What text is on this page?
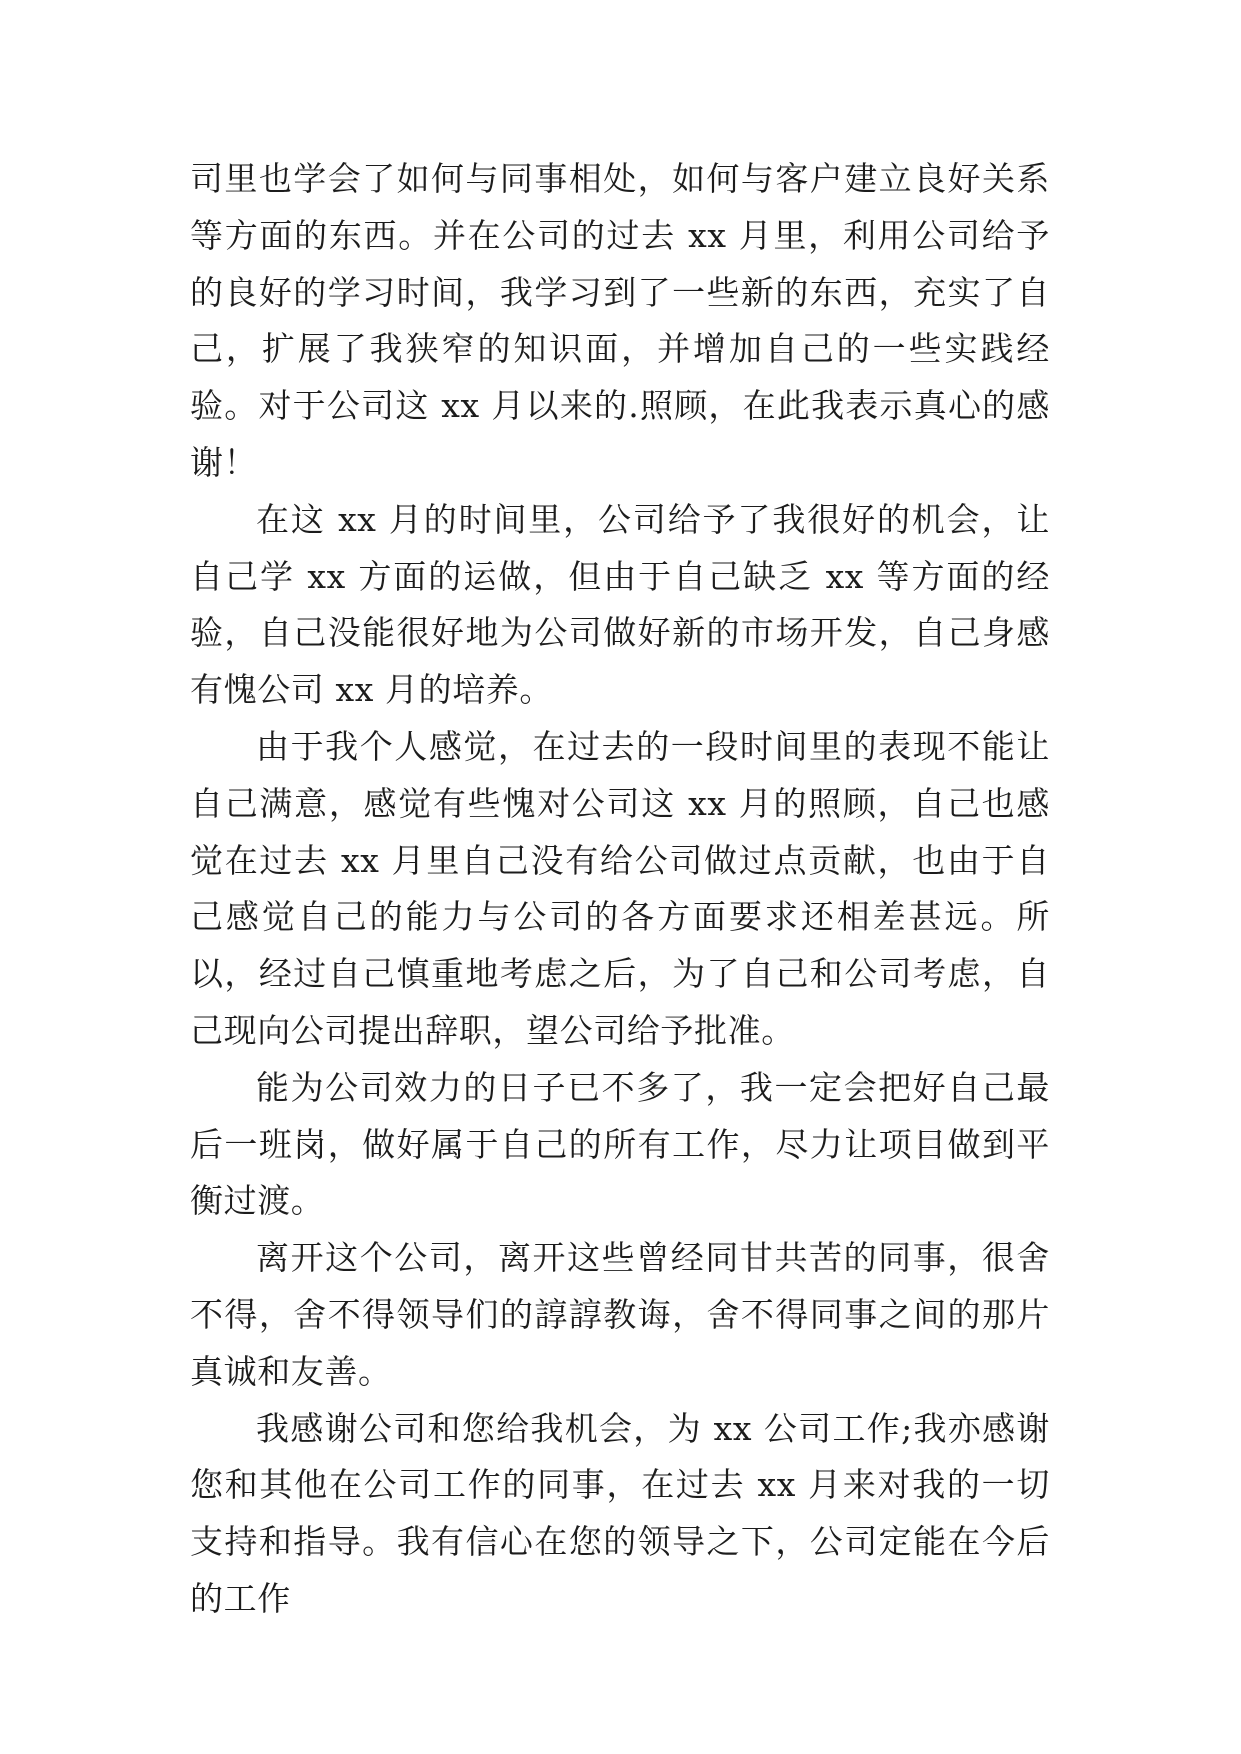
司里也学会了如何与同事相处，如何与客户建立良好关系等方面的东西。并在公司的过去 xx 月里，利用公司给予的良好的学习时间，我学习到了一些新的东西，充实了自己，扩展了我狭窄的知识面，并增加自己的一些实践经验。对于公司这 xx 月以来的.照顾，在此我表示真心的感谢！

在这 xx 月的时间里，公司给予了我很好的机会，让自己学 xx 方面的运做，但由于自己缺乏 xx 等方面的经验，自己没能很好地为公司做好新的市场开发，自己身感有愧公司 xx 月的培养。

由于我个人感觉，在过去的一段时间里的表现不能让自己满意，感觉有些愧对公司这 xx 月的照顾，自己也感觉在过去 xx 月里自己没有给公司做过点贡献，也由于自己感觉自己的能力与公司的各方面要求还相差甚远。所以，经过自己慎重地考虑之后，为了自己和公司考虑，自己现向公司提出辞职，望公司给予批准。

能为公司效力的日子已不多了，我一定会把好自己最后一班岗，做好属于自己的所有工作，尽力让项目做到平衡过渡。

离开这个公司，离开这些曾经同甘共苦的同事，很舍不得，舍不得领导们的諄諄教诲，舍不得同事之间的那片真诚和友善。

我感谢公司和您给我机会，为 xx 公司工作;我亦感谢您和其他在公司工作的同事，在过去 xx 月来对我的一切支持和指导。我有信心在您的领导之下，公司定能在今后的工作
